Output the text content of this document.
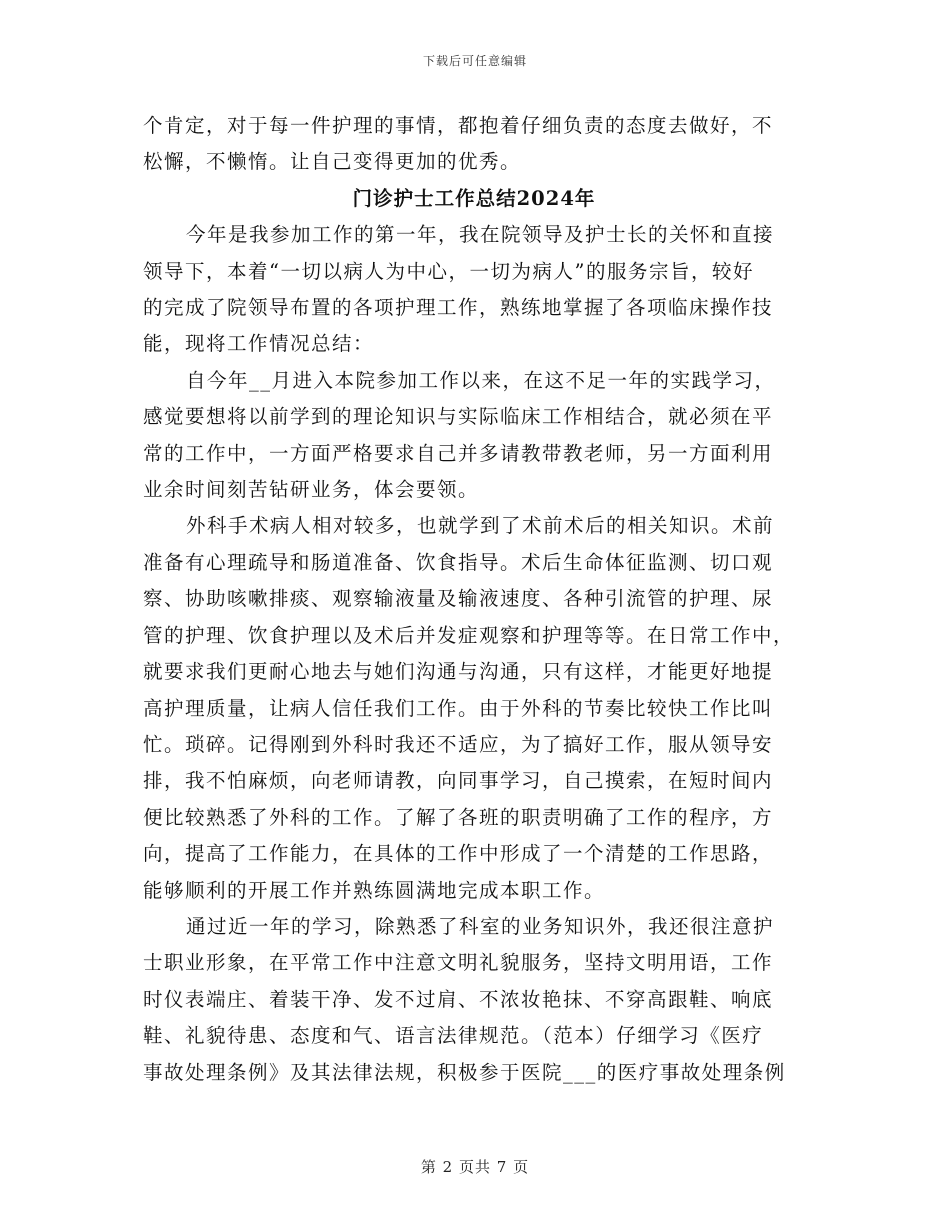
下载后可任意编辑
个肯定，对于每一件护理的事情，都抱着仔细负责的态度去做好，不
松懈，不懒惰。让自己变得更加的优秀。
门诊护士工作总结2024年
今年是我参加工作的第一年，我在院领导及护士长的关怀和直接
领导下，本着“一切以病人为中心，一切为病人”的服务宗旨，较好
的完成了院领导布置的各项护理工作，熟练地掌握了各项临床操作技
能，现将工作情况总结：
自今年__月进入本院参加工作以来，在这不足一年的实践学习，
感觉要想将以前学到的理论知识与实际临床工作相结合，就必须在平
常的工作中，一方面严格要求自己并多请教带教老师，另一方面利用
业余时间刻苦钻研业务，体会要领。
外科手术病人相对较多，也就学到了术前术后的相关知识。术前
准备有心理疏导和肠道准备、饮食指导。术后生命体征监测、切口观
察、协助咳嗽排痰、观察输液量及输液速度、各种引流管的护理、尿
管的护理、饮食护理以及术后并发症观察和护理等等。在日常工作中，
就要求我们更耐心地去与她们沟通与沟通，只有这样，才能更好地提
高护理质量，让病人信任我们工作。由于外科的节奏比较快工作比叫
忙。琐碎。记得刚到外科时我还不适应，为了搞好工作，服从领导安
排，我不怕麻烦，向老师请教，向同事学习，自己摸索，在短时间内
便比较熟悉了外科的工作。了解了各班的职责明确了工作的程序，方
向，提高了工作能力，在具体的工作中形成了一个清楚的工作思路，
能够顺利的开展工作并熟练圆满地完成本职工作。
通过近一年的学习，除熟悉了科室的业务知识外，我还很注意护
士职业形象，在平常工作中注意文明礼貌服务，坚持文明用语，工作
时仪表端庄、着装干净、发不过肩、不浓妆艳抹、不穿高跟鞋、响底
鞋、礼貌待患、态度和气、语言法律规范。（范本）仔细学习《医疗
事故处理条例》及其法律法规，积极参于医院___的医疗事故处理条例
第 2 页共 7 页
